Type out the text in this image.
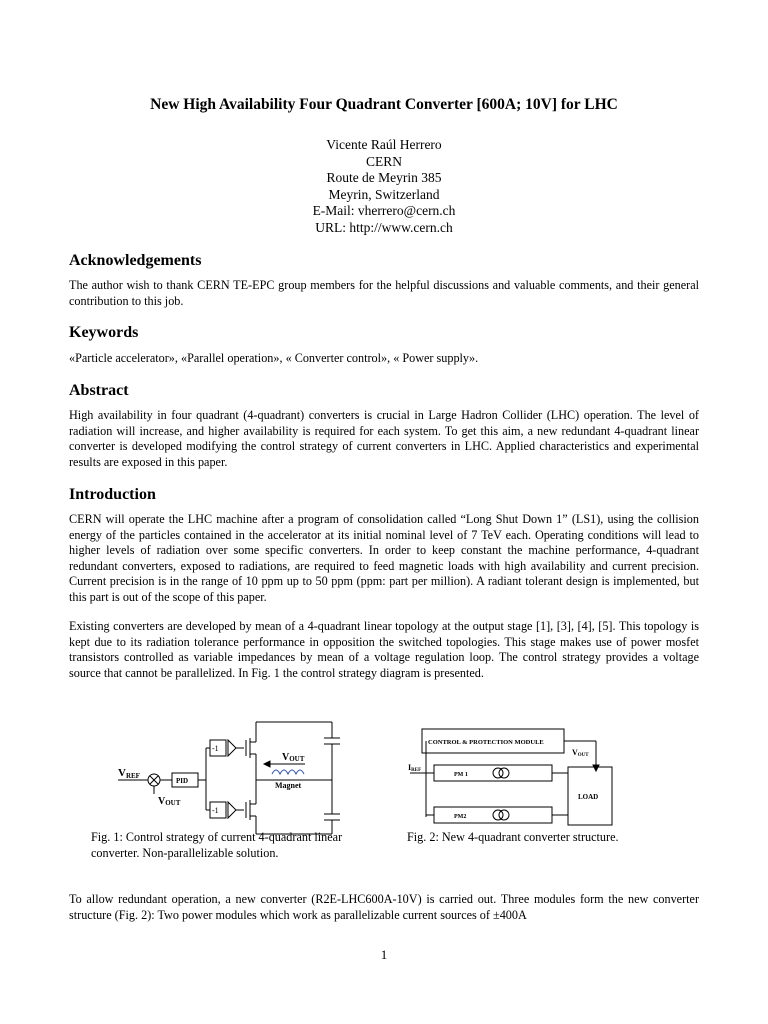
New High Availability Four Quadrant Converter [600A; 10V] for LHC
Vicente Raúl Herrero
CERN
Route de Meyrin 385
Meyrin, Switzerland
E-Mail: vherrero@cern.ch
URL: http://www.cern.ch
Acknowledgements

The author wish to thank CERN TE-EPC group members for the helpful discussions and valuable comments, and their general contribution to this job.

Keywords

«Particle accelerator», «Parallel operation», « Converter control», « Power supply».

Abstract

High availability in four quadrant (4-quadrant) converters is crucial in Large Hadron Collider (LHC) operation. The level of radiation will increase, and higher availability is required for each system. To get this aim, a new redundant 4-quadrant linear converter is developed modifying the control strategy of current converters in LHC. Applied characteristics and experimental results are exposed in this paper.

Introduction

CERN will operate the LHC machine after a program of consolidation called “Long Shut Down 1” (LS1), using the collision energy of the particles contained in the accelerator at its initial nominal level of 7 TeV each. Operating conditions will lead to higher levels of radiation over some specific converters. In order to keep constant the machine performance, 4-quadrant redundant converters, exposed to radiations, are required to feed magnetic loads with high availability and current precision. Current precision is in the range of 10 ppm up to 50 ppm (ppm: part per million). A radiant tolerant design is implemented, but this part is out of the scope of this paper.

Existing converters are developed by mean of a 4-quadrant linear topology at the output stage [1], [3], [4], [5]. This topology is kept due to its radiation tolerance performance in opposition the switched topologies. This stage makes use of power mosfet transistors controlled as variable impedances by mean of a voltage regulation loop. The control strategy provides a voltage source that cannot be parallelized. In Fig. 1 the control strategy diagram is presented.

VREF
VOUT
PID
-1
-1
VOUT
Magnet
CONTROL & PROTECTION MODULE
VOUT
IREF
PM 1
PM2
LOAD
Fig. 1: Control strategy of current 4-quadrant linear converter. Non-parallelizable solution.
Fig. 2: New 4-quadrant converter structure.

To allow redundant operation, a new converter (R2E-LHC600A-10V) is carried out. Three modules form the new converter structure (Fig. 2): Two power modules which work as parallelizable current sources of ±400A

1
